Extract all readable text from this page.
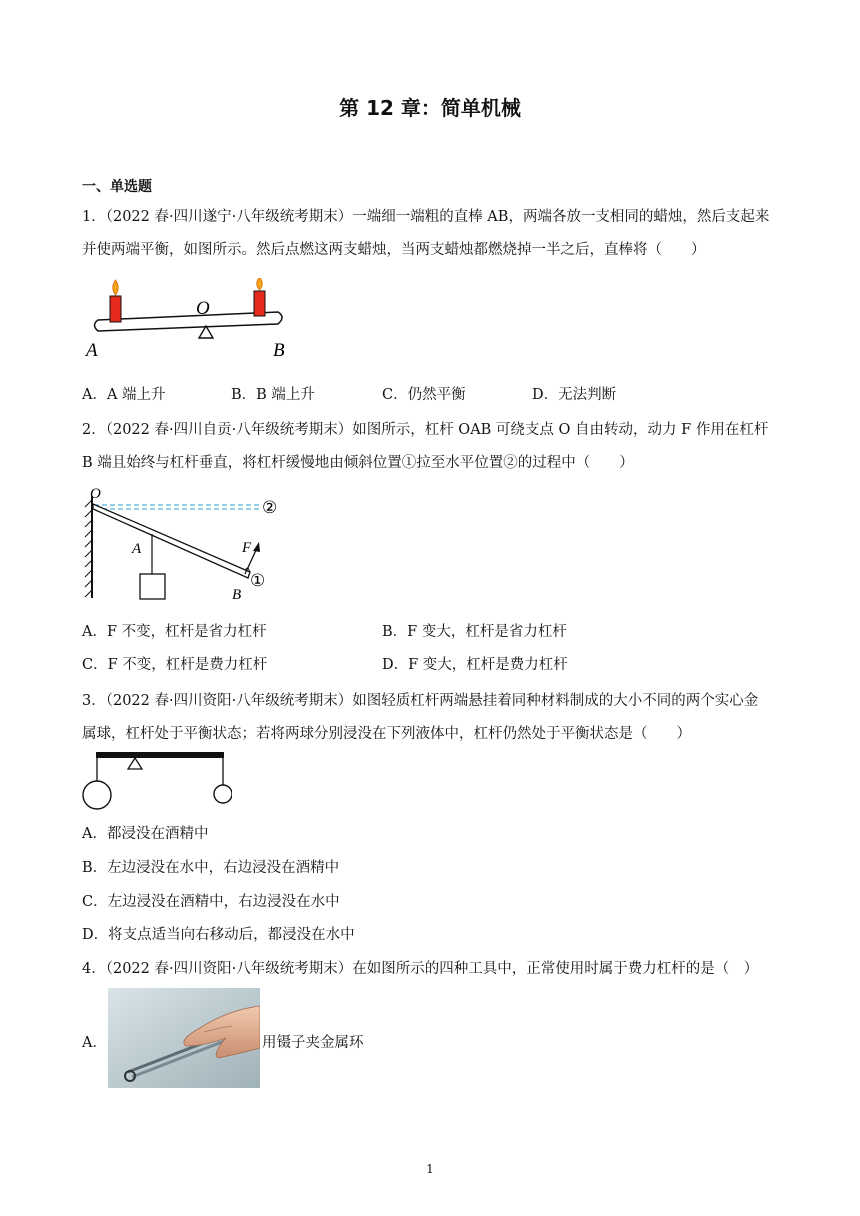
第 12 章：简单机械
一、单选题
1．（2022 春·四川遂宁·八年级统考期末）一端细一端粗的直棒 AB，两端各放一支相同的蜡烛，然后支起来
并使两端平衡，如图所示。然后点燃这两支蜡烛，当两支蜡烛都燃烧掉一半之后，直棒将（　　）
O
A	B
A．A 端上升	B．B 端上升	C．仍然平衡	D．无法判断
2．（2022 春·四川自贡·八年级统考期末）如图所示，杠杆 OAB 可绕支点 O 自由转动，动力 F 作用在杠杆
B 端且始终与杠杆垂直，将杠杆缓慢地由倾斜位置①拉至水平位置②的过程中（　　）
O
A
B
F
①
②
A．F 不变，杠杆是省力杠杆	B．F 变大，杠杆是省力杠杆
C．F 不变，杠杆是费力杠杆	D．F 变大，杠杆是费力杠杆
3．（2022 春·四川资阳·八年级统考期末）如图轻质杠杆两端悬挂着同种材料制成的大小不同的两个实心金
属球，杠杆处于平衡状态；若将两球分别浸没在下列液体中，杠杆仍然处于平衡状态是（　　）
A．都浸没在酒精中
B．左边浸没在水中，右边浸没在酒精中
C．左边浸没在酒精中，右边浸没在水中
D．将支点适当向右移动后，都浸没在水中
4．（2022 春·四川资阳·八年级统考期末）在如图所示的四种工具中，正常使用时属于费力杠杆的是（　）
A．	用镊子夹金属环
1
